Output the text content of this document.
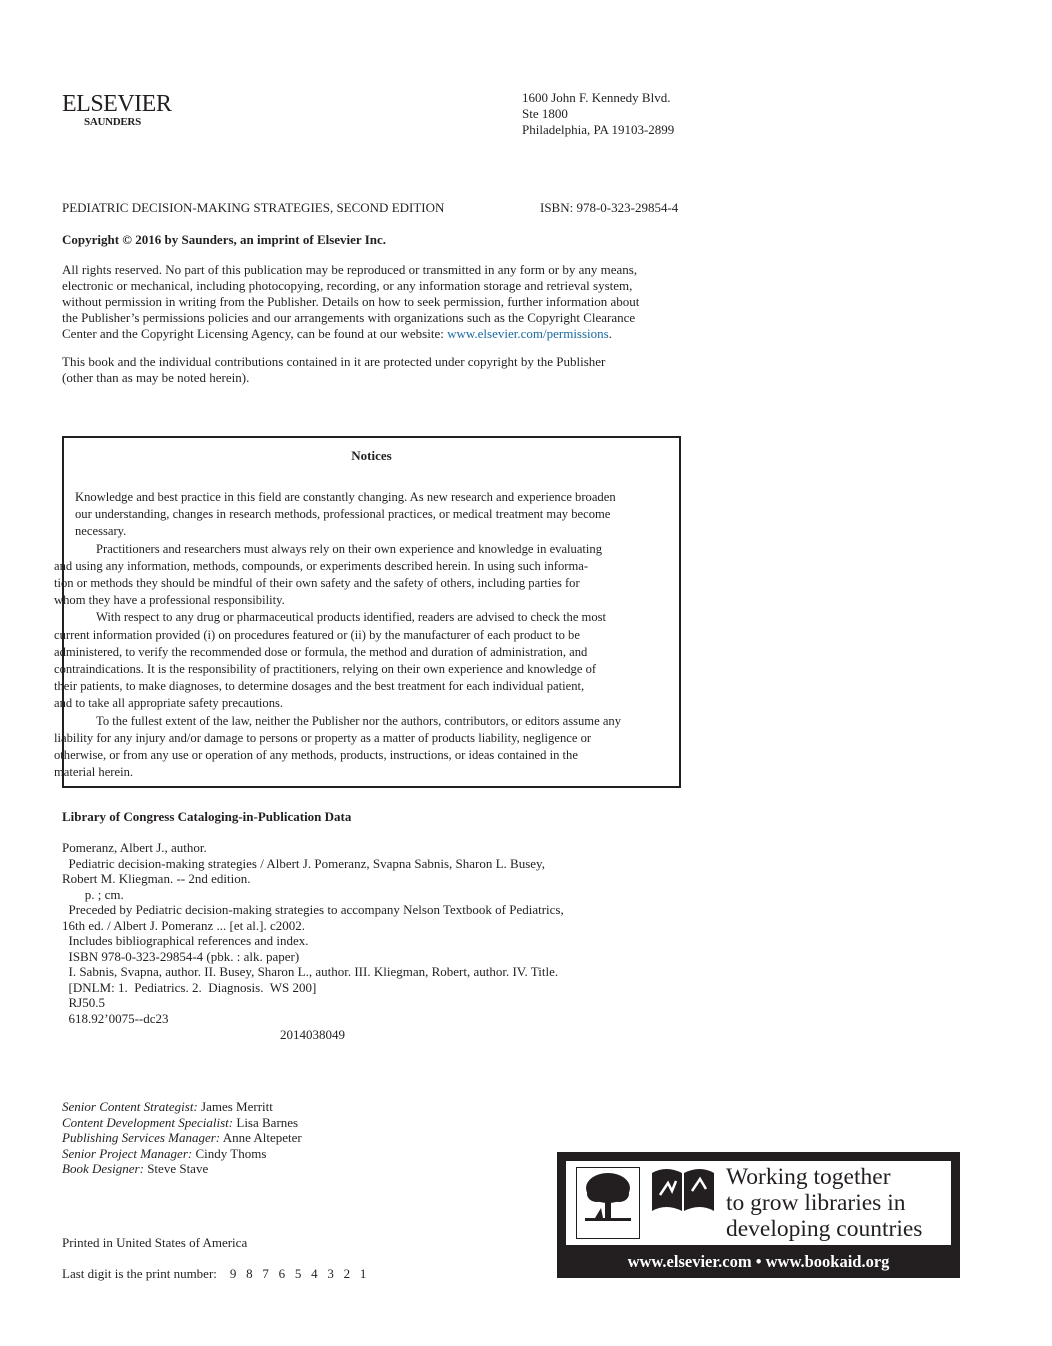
ELSEVIER
SAUNDERS
1600 John F. Kennedy Blvd.
Ste 1800
Philadelphia, PA 19103-2899
PEDIATRIC DECISION-MAKING STRATEGIES, SECOND EDITION	ISBN: 978-0-323-29854-4
Copyright © 2016 by Saunders, an imprint of Elsevier Inc.
All rights reserved. No part of this publication may be reproduced or transmitted in any form or by any means,
electronic or mechanical, including photocopying, recording, or any information storage and retrieval system,
without permission in writing from the Publisher. Details on how to seek permission, further information about
the Publisher’s permissions policies and our arrangements with organizations such as the Copyright Clearance
Center and the Copyright Licensing Agency, can be found at our website: www.elsevier.com/permissions.
This book and the individual contributions contained in it are protected under copyright by the Publisher
(other than as may be noted herein).
Notices

Knowledge and best practice in this field are constantly changing. As new research and experience broaden
our understanding, changes in research methods, professional practices, or medical treatment may become
necessary.

Practitioners and researchers must always rely on their own experience and knowledge in evaluating
and using any information, methods, compounds, or experiments described herein. In using such informa-
tion or methods they should be mindful of their own safety and the safety of others, including parties for
whom they have a professional responsibility.

With respect to any drug or pharmaceutical products identified, readers are advised to check the most
current information provided (i) on procedures featured or (ii) by the manufacturer of each product to be
administered, to verify the recommended dose or formula, the method and duration of administration, and
contraindications. It is the responsibility of practitioners, relying on their own experience and knowledge of
their patients, to make diagnoses, to determine dosages and the best treatment for each individual patient,
and to take all appropriate safety precautions.

To the fullest extent of the law, neither the Publisher nor the authors, contributors, or editors assume any
liability for any injury and/or damage to persons or property as a matter of products liability, negligence or
otherwise, or from any use or operation of any methods, products, instructions, or ideas contained in the
material herein.

Library of Congress Cataloging-in-Publication Data
Pomeranz, Albert J., author.
Pediatric decision-making strategies / Albert J. Pomeranz, Svapna Sabnis, Sharon L. Busey,
Robert M. Kliegman. -- 2nd edition.
p. ; cm.
Preceded by Pediatric decision-making strategies to accompany Nelson Textbook of Pediatrics,
16th ed. / Albert J. Pomeranz ... [et al.]. c2002.
Includes bibliographical references and index.
ISBN 978-0-323-29854-4 (pbk. : alk. paper)
I. Sabnis, Svapna, author. II. Busey, Sharon L., author. III. Kliegman, Robert, author. IV. Title.
[DNLM: 1.  Pediatrics. 2.  Diagnosis.  WS 200]
RJ50.5
618.92’0075--dc23
2014038049
Senior Content Strategist: James Merritt
Content Development Specialist: Lisa Barnes
Publishing Services Manager: Anne Altepeter
Senior Project Manager: Cindy Thoms
Book Designer: Steve Stave
Printed in United States of America
Last digit is the print number: 9   8   7   6   5   4   3   2   1
ELSEVIER
Book Aid
International
Working together
to grow libraries in
developing countries
www.elsevier.com • www.bookaid.org
